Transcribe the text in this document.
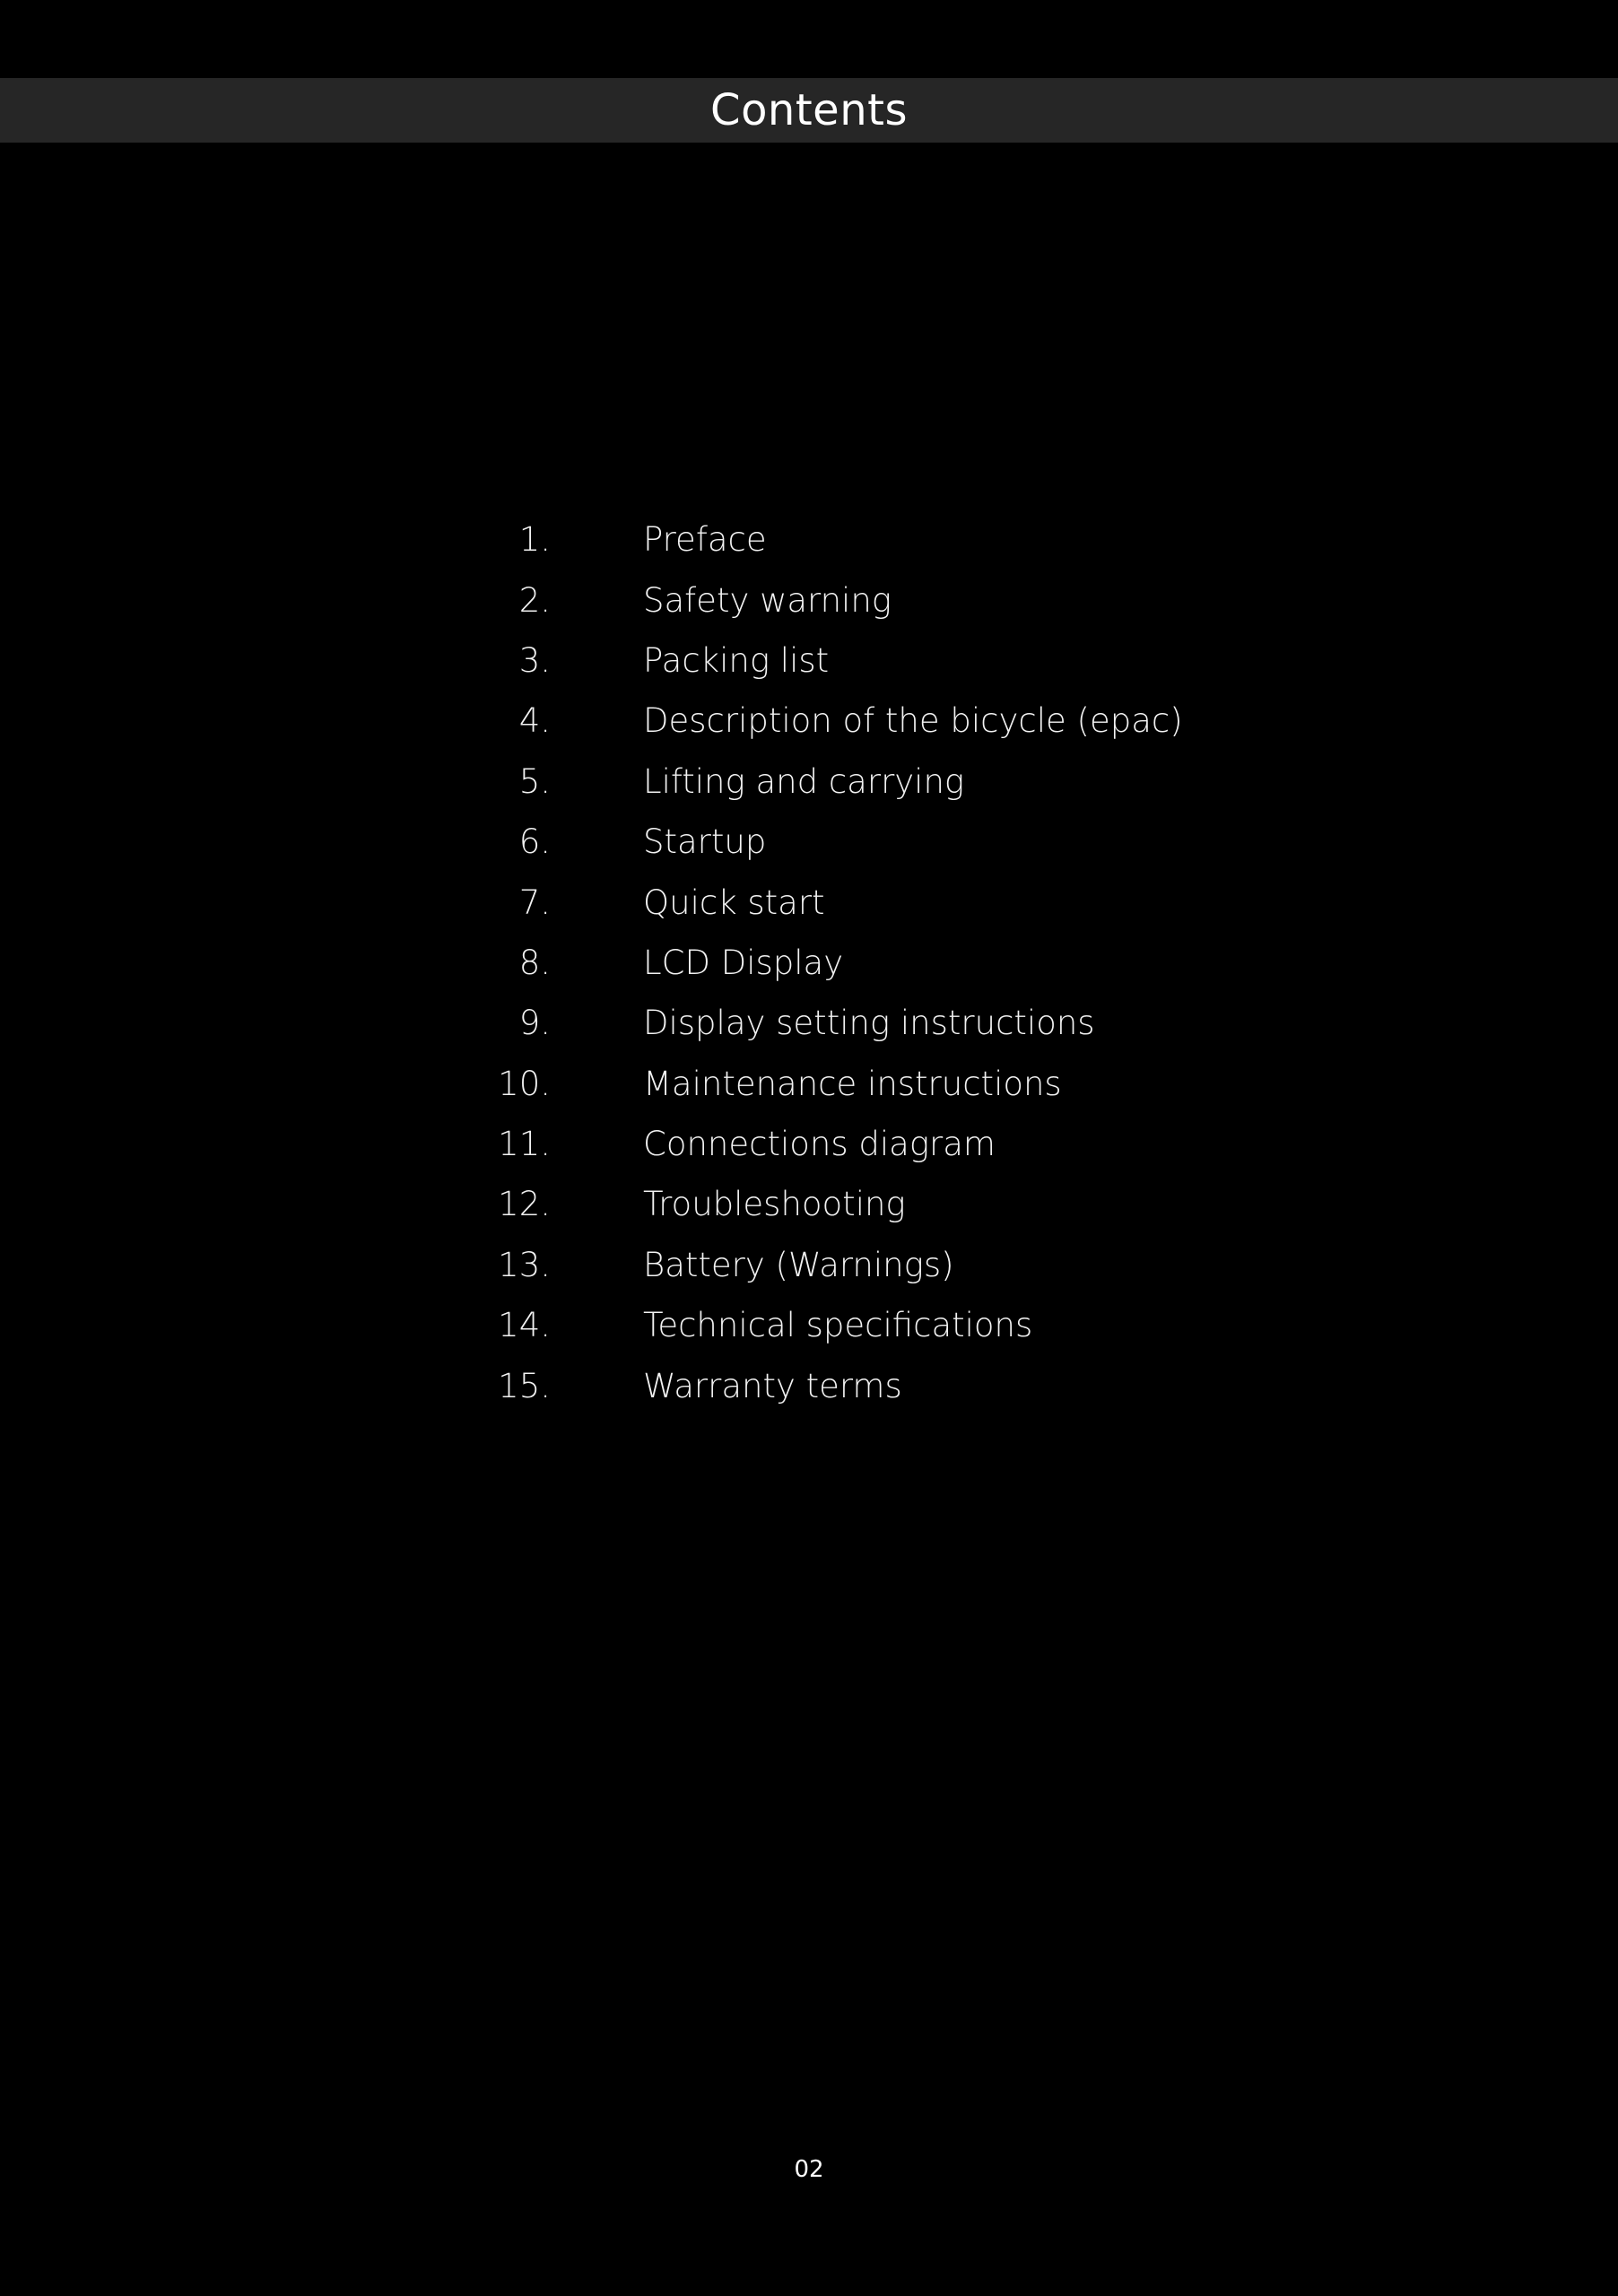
Contents
1.	Preface
2.	Safety warning
3.	Packing list
4.	Description of the bicycle (epac)
5.	Lifting and carrying
6.	Startup
7.	Quick start
8.	LCD Display
9.	Display setting instructions
10.	Maintenance instructions
11.	Connections diagram
12.	Troubleshooting
13.	Battery (Warnings)
14.	Technical specifications
15.	Warranty terms
02
